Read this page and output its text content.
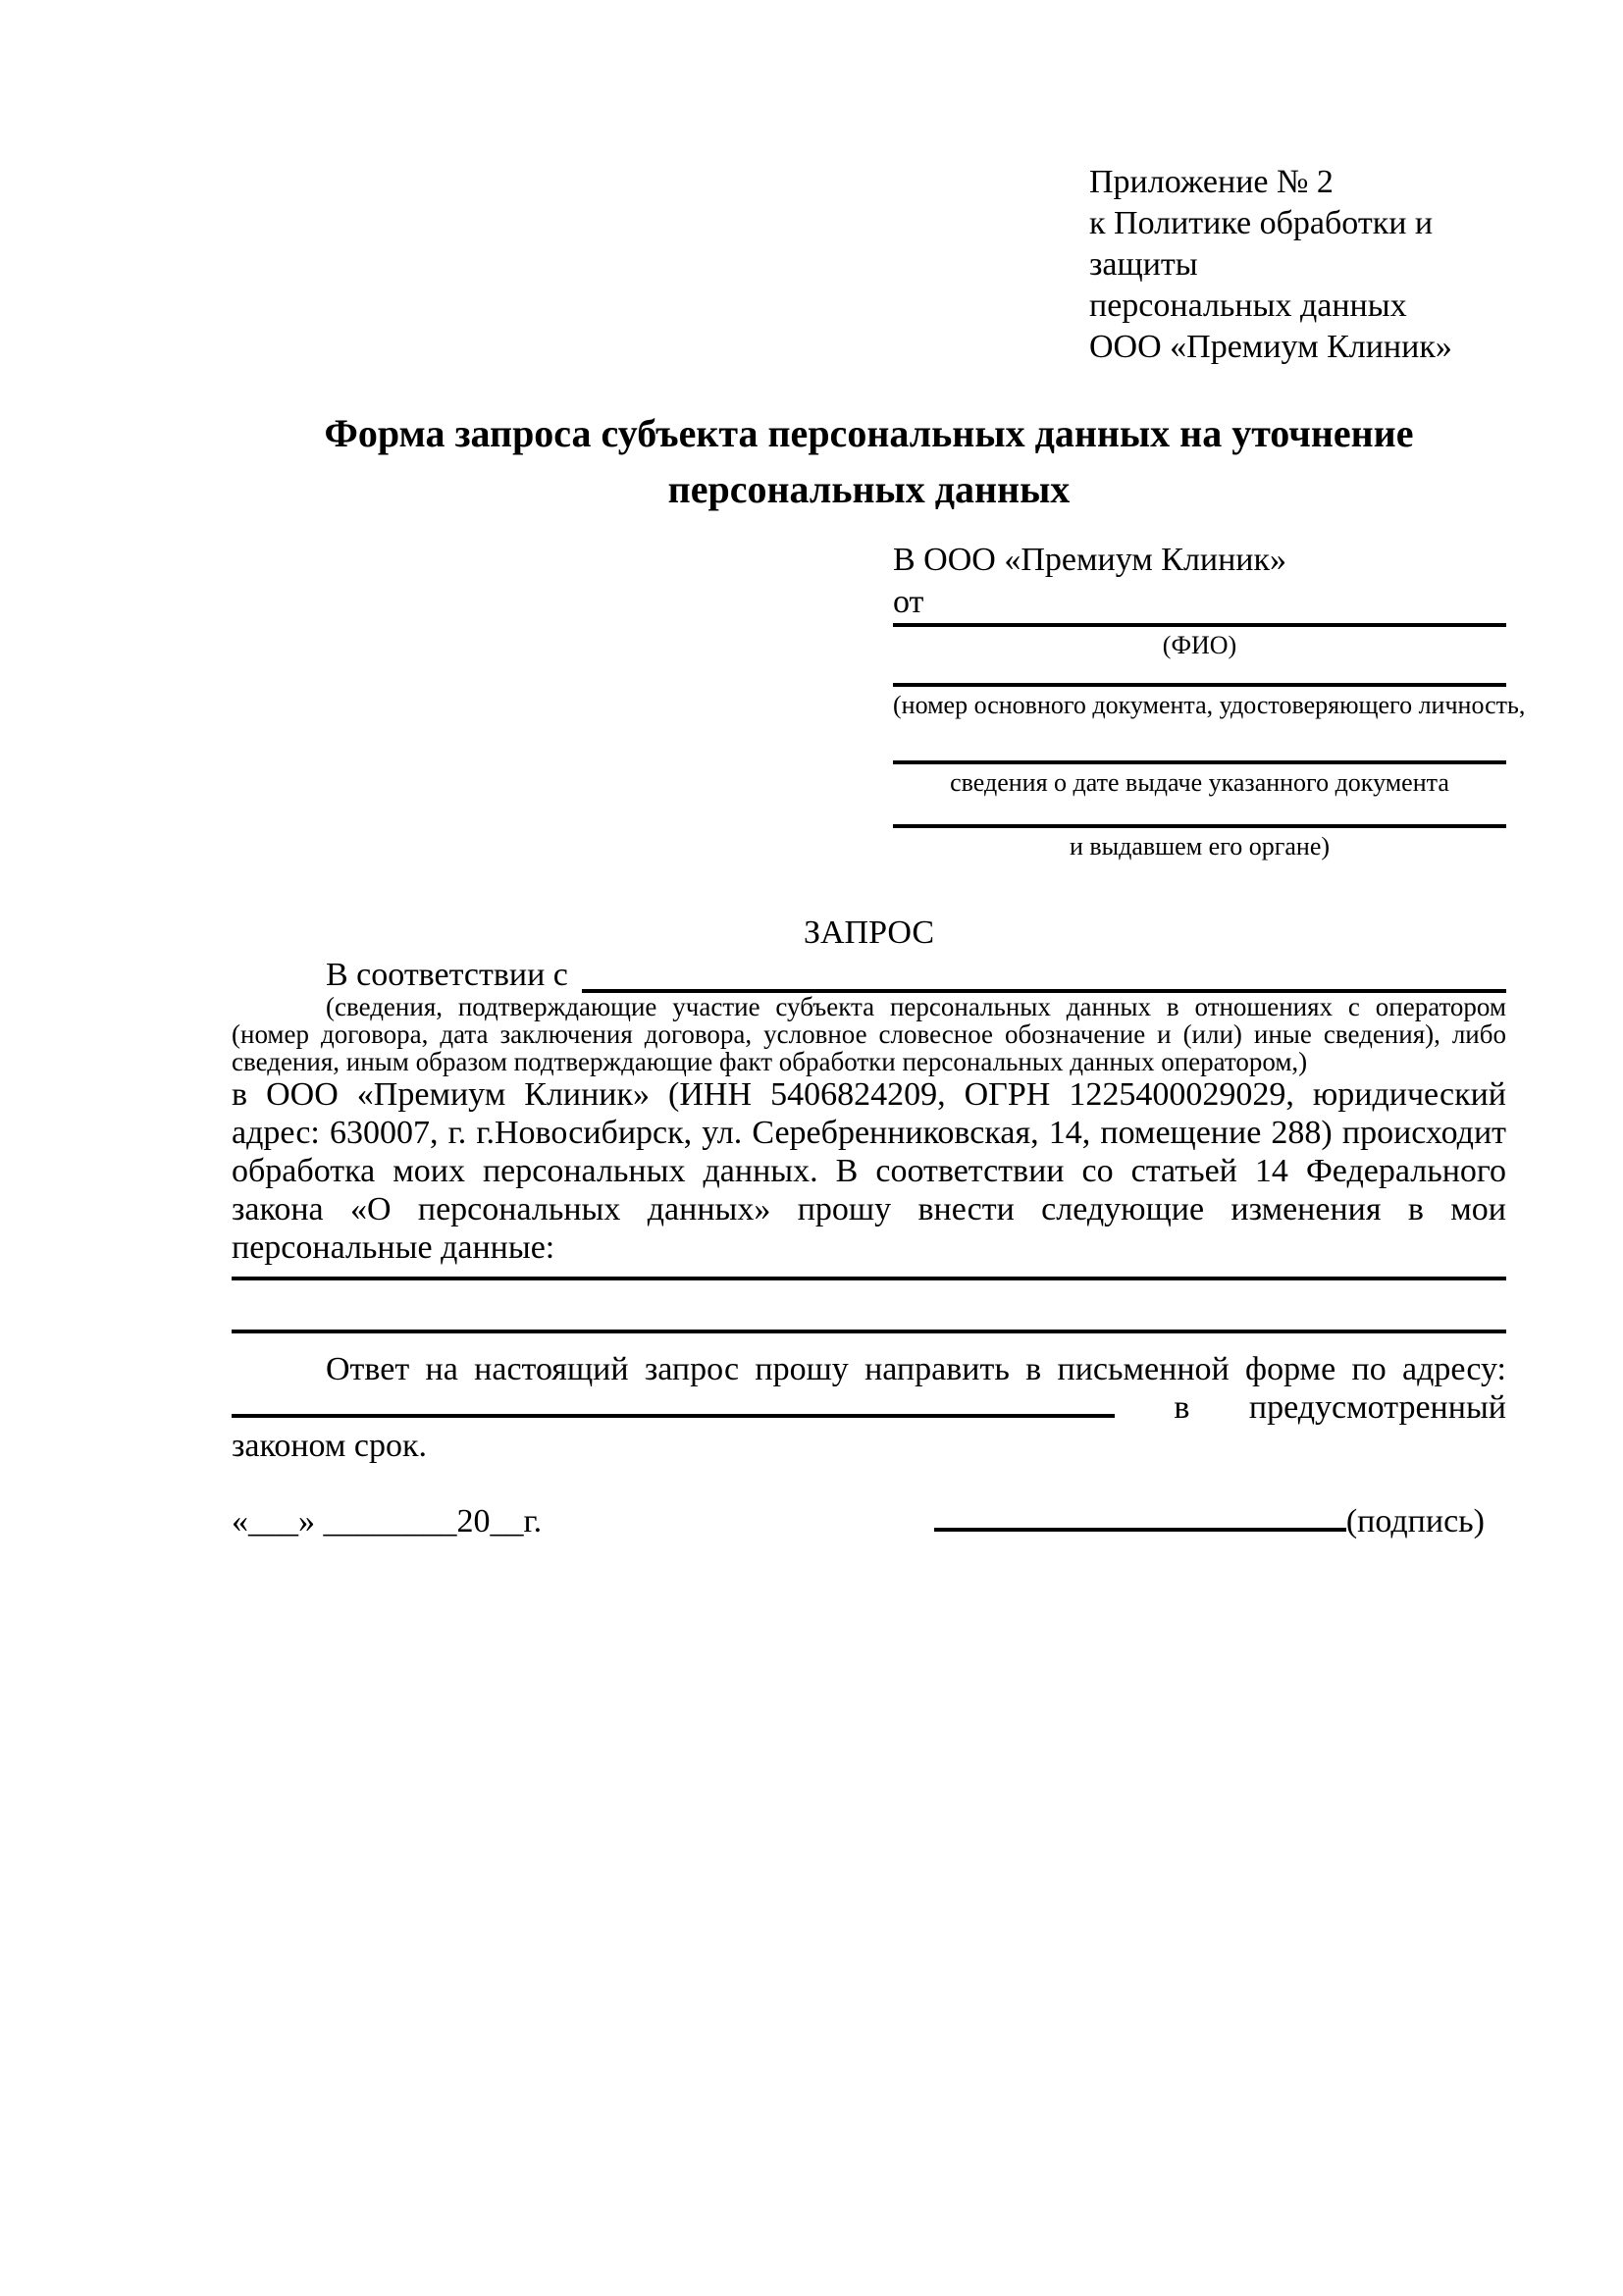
Приложение № 2
к Политике обработки и защиты
персональных данных
ООО «Премиум Клиник»
Форма запроса субъекта персональных данных на уточнение персональных данных
В ООО «Премиум Клиник»
от
(ФИО)
(номер основного документа, удостоверяющего личность,
сведения о дате выдаче указанного документа
и выдавшем его органе)
ЗАПРОС
В соответствии с
(сведения, подтверждающие участие субъекта персональных данных в отношениях с оператором (номер договора, дата заключения договора, условное словесное обозначение и (или) иные сведения), либо сведения, иным образом подтверждающие факт обработки персональных данных оператором,)
в ООО «Премиум Клиник» (ИНН 5406824209, ОГРН 1225400029029, юридический адрес: 630007, г. г.Новосибирск, ул. Серебренниковская, 14, помещение 288) происходит обработка моих персональных данных. В соответствии со статьей 14 Федерального закона «О персональных данных» прошу внести следующие изменения в мои персональные данные:
Ответ на настоящий запрос прошу направить в письменной форме по адресу:  в предусмотренный законом срок.
«___» ________20__г.	(подпись)
